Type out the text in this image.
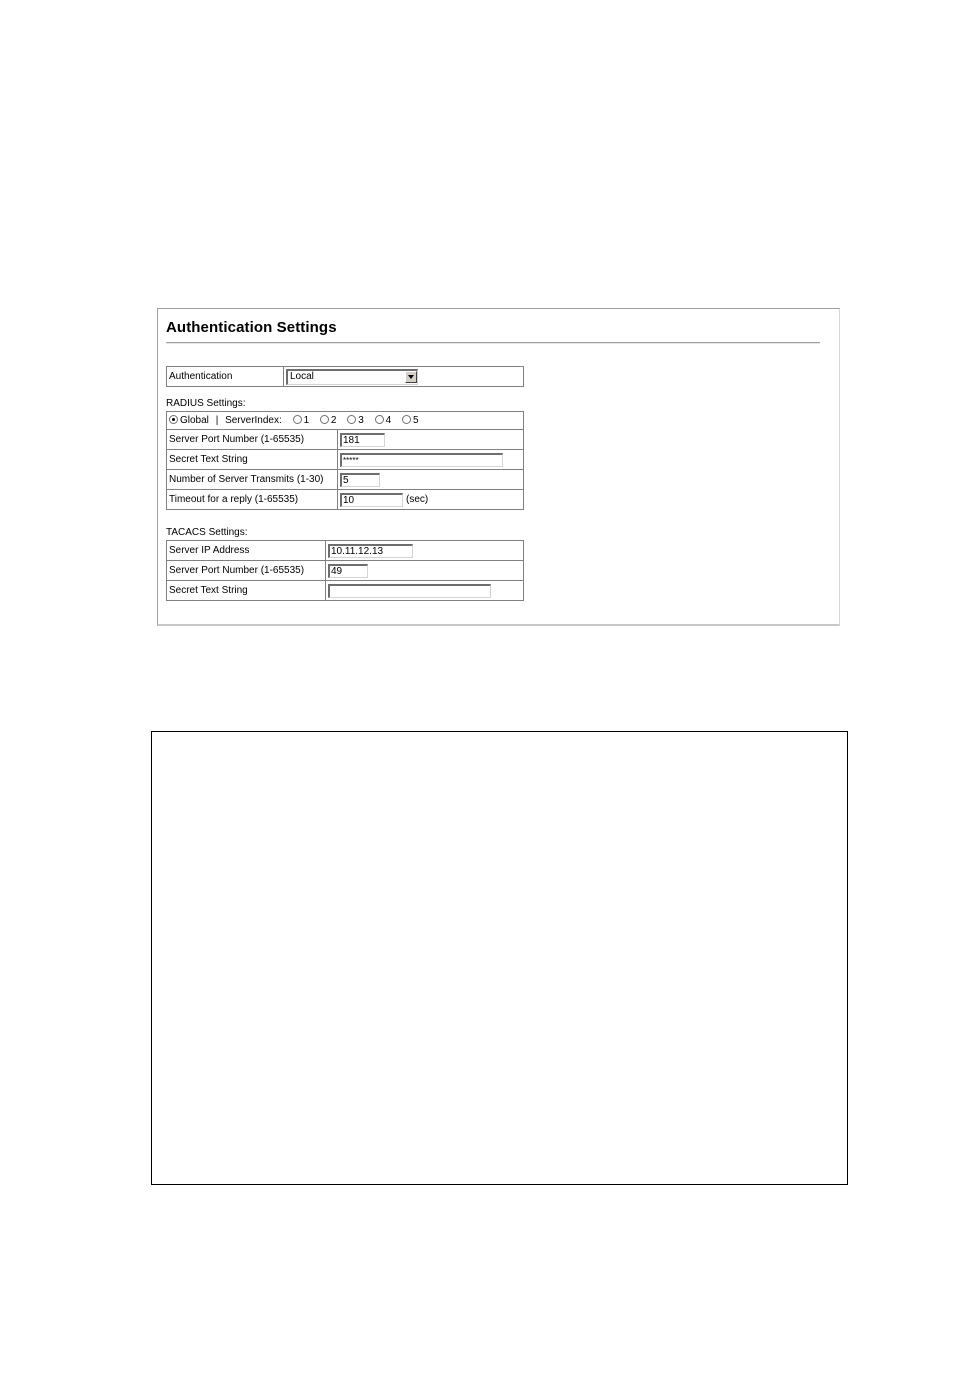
Authentication Settings
Authentication	Local
RADIUS Settings:
Global | ServerIndex: 1 2 3 4 5	
Server Port Number (1-65535)	181
Secret Text String	*****
Number of Server Transmits (1-30)	5
Timeout for a reply (1-65535)	10 (sec)
TACACS Settings:
Server IP Address	10.11.12.13
Server Port Number (1-65535)	49
Secret Text String	
